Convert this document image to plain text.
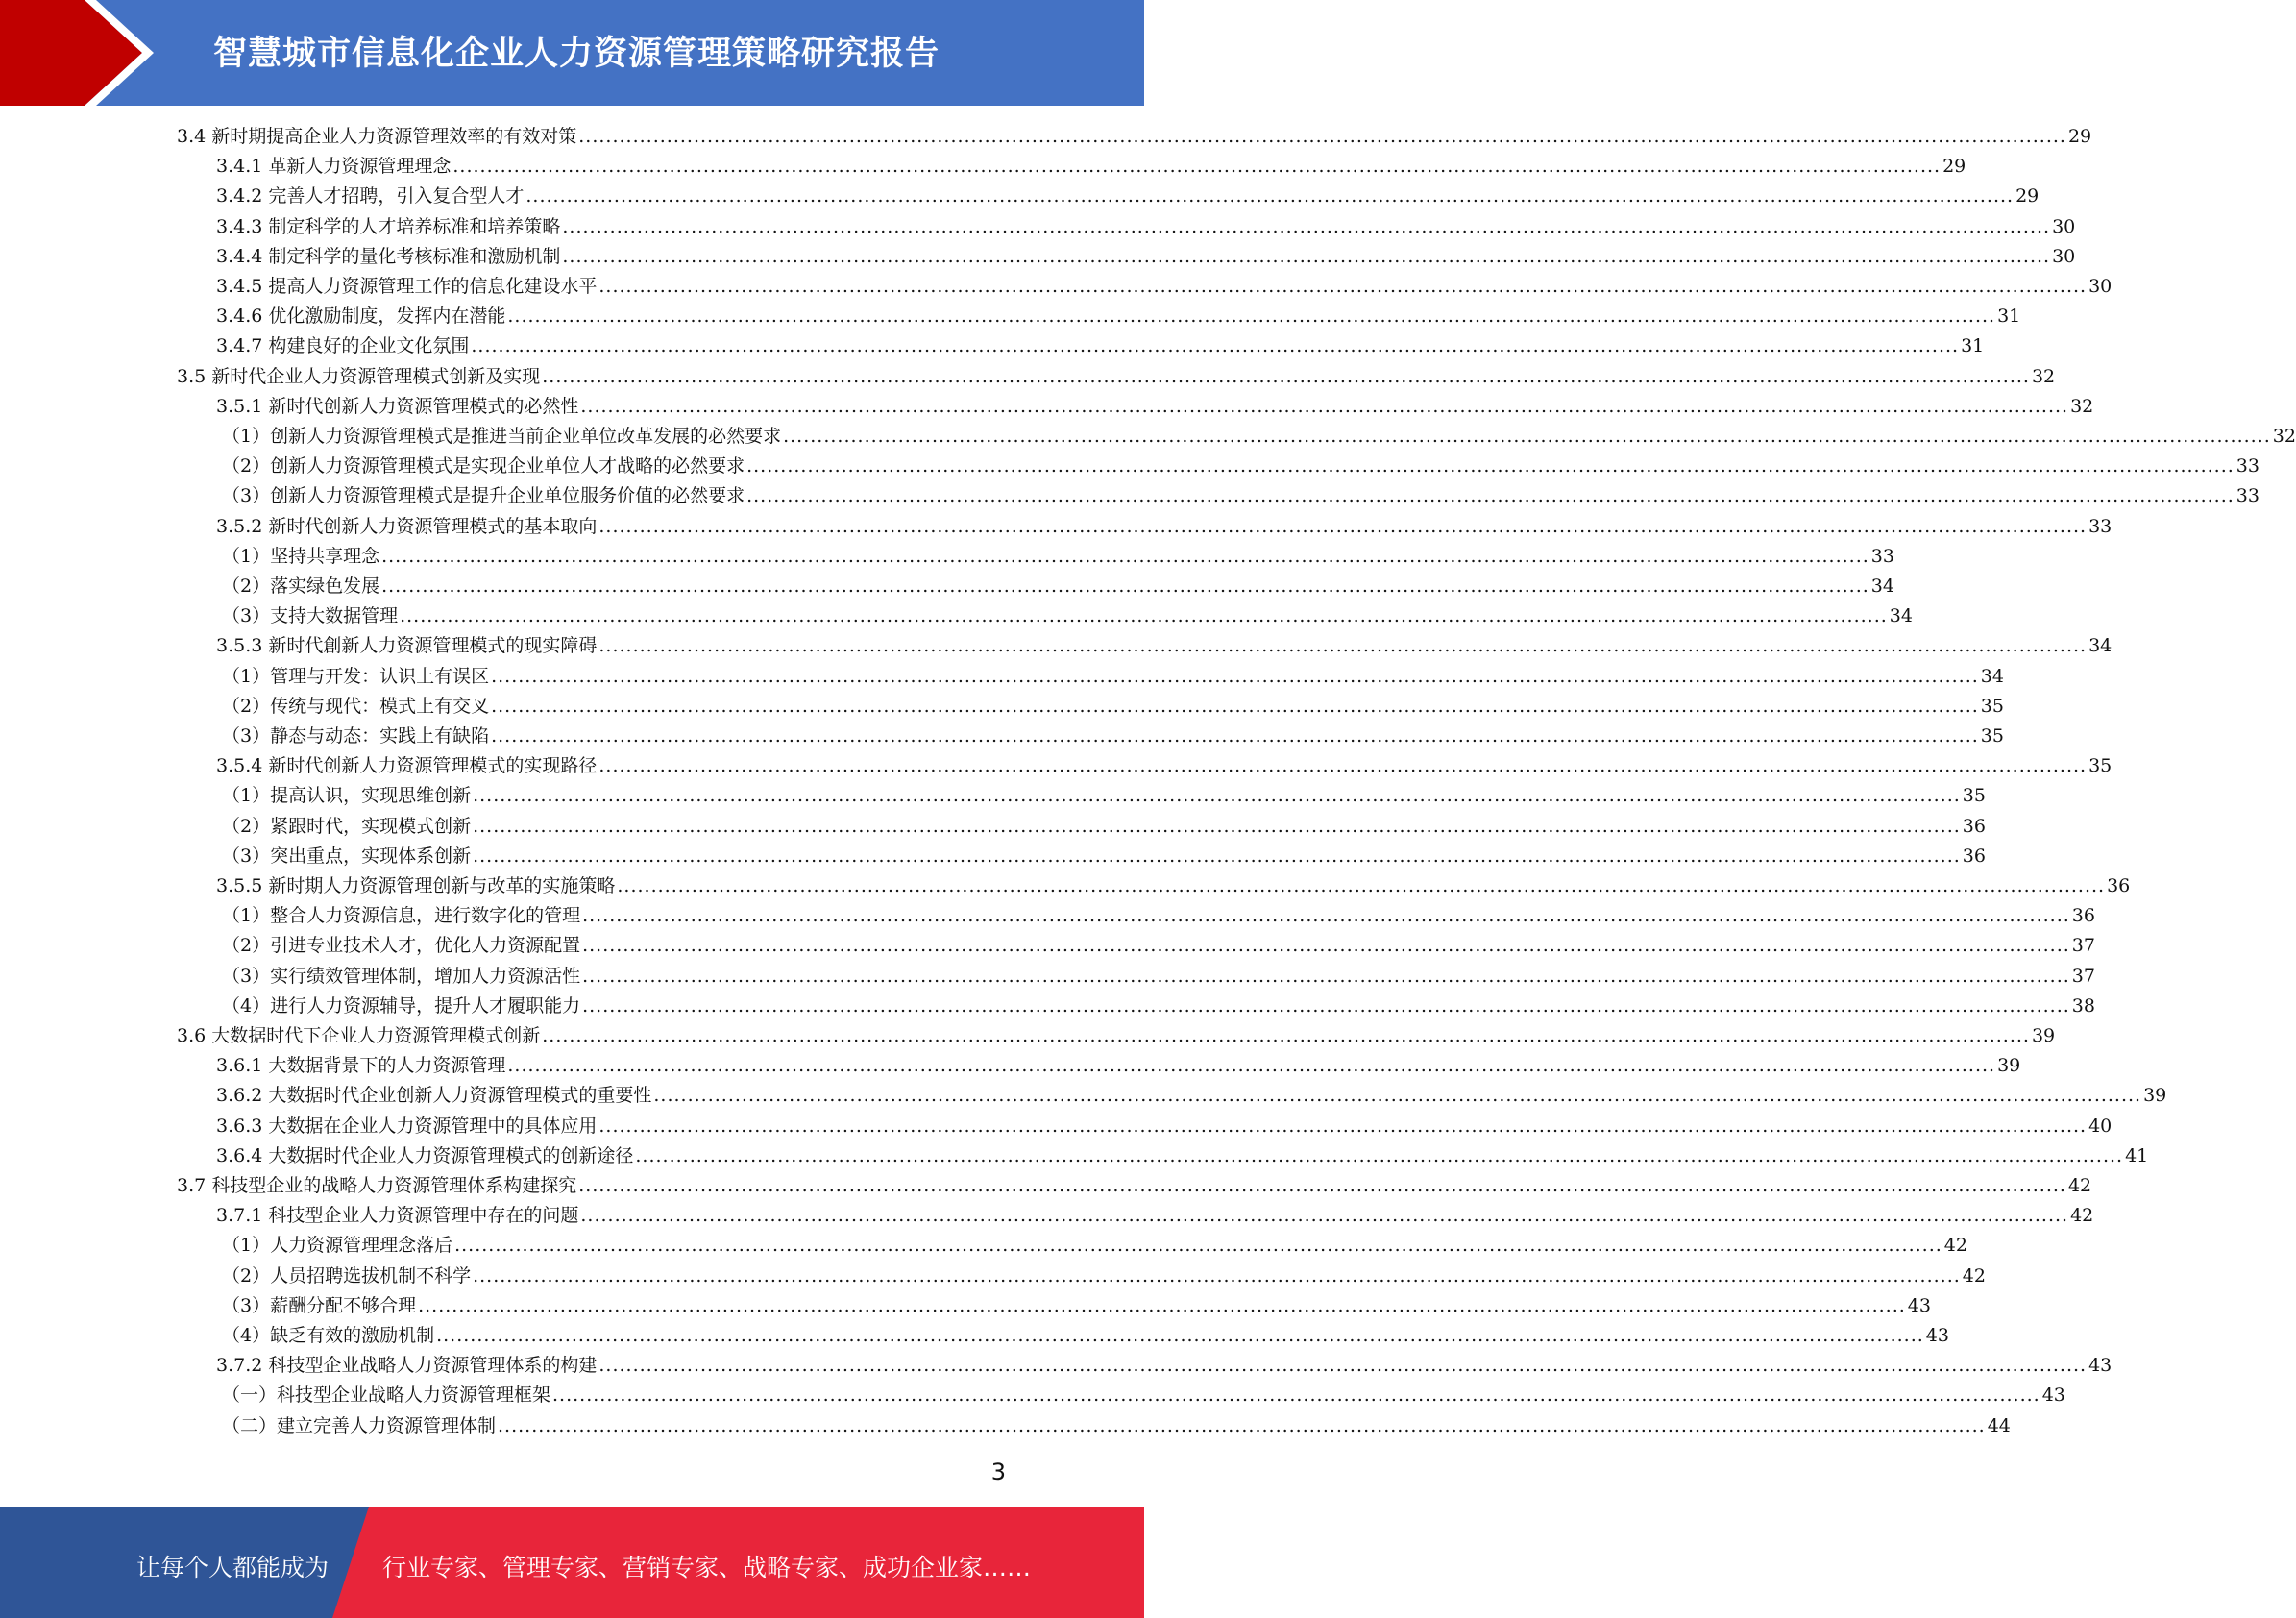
智慧城市信息化企业人力资源管理策略研究报告
3.4 新时期提高企业人力资源管理效率的有效对策 ............................................................................................................................................................................................................................ 29
3.4.1 革新人力资源管理理念 ............................................................................................................................................................................................................................ 29
3.4.2 完善人才招聘，引入复合型人才 ............................................................................................................................................................................................................................ 29
3.4.3 制定科学的人才培养标准和培养策略 ............................................................................................................................................................................................................................ 30
3.4.4 制定科学的量化考核标准和激励机制 ............................................................................................................................................................................................................................ 30
3.4.5 提高人力资源管理工作的信息化建设水平 ............................................................................................................................................................................................................................ 30
3.4.6 优化激励制度，发挥内在潜能 ............................................................................................................................................................................................................................ 31
3.4.7 构建良好的企业文化氛围 ............................................................................................................................................................................................................................ 31
3.5 新时代企业人力资源管理模式创新及实现 ............................................................................................................................................................................................................................ 32
3.5.1 新时代创新人力资源管理模式的必然性 ............................................................................................................................................................................................................................ 32
（1）创新人力资源管理模式是推进当前企业单位改革发展的必然要求 ............................................................................................................................................................................................................................ 32
（2）创新人力资源管理模式是实现企业单位人才战略的必然要求 ............................................................................................................................................................................................................................ 33
（3）创新人力资源管理模式是提升企业单位服务价值的必然要求 ............................................................................................................................................................................................................................ 33
3.5.2 新时代创新人力资源管理模式的基本取向 ............................................................................................................................................................................................................................ 33
（1）坚持共享理念 ............................................................................................................................................................................................................................ 33
（2）落实绿色发展 ............................................................................................................................................................................................................................ 34
（3）支持大数据管理 ............................................................................................................................................................................................................................ 34
3.5.3 新时代創新人力资源管理模式的现实障碍 ............................................................................................................................................................................................................................ 34
（1）管理与开发：认识上有误区 ............................................................................................................................................................................................................................ 34
（2）传统与现代：模式上有交叉 ............................................................................................................................................................................................................................ 35
（3）静态与动态：实践上有缺陷 ............................................................................................................................................................................................................................ 35
3.5.4 新时代创新人力资源管理模式的实现路径 ............................................................................................................................................................................................................................ 35
（1）提高认识，实现思维创新 ............................................................................................................................................................................................................................ 35
（2）紧跟时代，实现模式创新 ............................................................................................................................................................................................................................ 36
（3）突出重点，实现体系创新 ............................................................................................................................................................................................................................ 36
3.5.5 新时期人力资源管理创新与改革的实施策略 ............................................................................................................................................................................................................................ 36
（1）整合人力资源信息，进行数字化的管理 ............................................................................................................................................................................................................................ 36
（2）引进专业技术人才，优化人力资源配置 ............................................................................................................................................................................................................................ 37
（3）实行绩效管理体制，增加人力资源活性 ............................................................................................................................................................................................................................ 37
（4）进行人力资源辅导，提升人才履职能力 ............................................................................................................................................................................................................................ 38
3.6 大数据时代下企业人力资源管理模式创新 ............................................................................................................................................................................................................................ 39
3.6.1 大数据背景下的人力资源管理 ............................................................................................................................................................................................................................ 39
3.6.2 大数据时代企业创新人力资源管理模式的重要性 ............................................................................................................................................................................................................................ 39
3.6.3 大数据在企业人力资源管理中的具体应用 ............................................................................................................................................................................................................................ 40
3.6.4 大数据时代企业人力资源管理模式的创新途径 ............................................................................................................................................................................................................................ 41
3.7 科技型企业的战略人力资源管理体系构建探究 ............................................................................................................................................................................................................................ 42
3.7.1 科技型企业人力资源管理中存在的问题 ............................................................................................................................................................................................................................ 42
（1）人力资源管理理念落后 ............................................................................................................................................................................................................................ 42
（2）人员招聘选拔机制不科学 ............................................................................................................................................................................................................................ 42
（3）薪酬分配不够合理 ............................................................................................................................................................................................................................ 43
（4）缺乏有效的激励机制 ............................................................................................................................................................................................................................ 43
3.7.2 科技型企业战略人力资源管理体系的构建 ............................................................................................................................................................................................................................ 43
（一）科技型企业战略人力资源管理框架 ............................................................................................................................................................................................................................ 43
（二）建立完善人力资源管理体制 ............................................................................................................................................................................................................................ 44
3
让每个人都能成为 行业专家、管理专家、营销专家、战略专家、成功企业家……
